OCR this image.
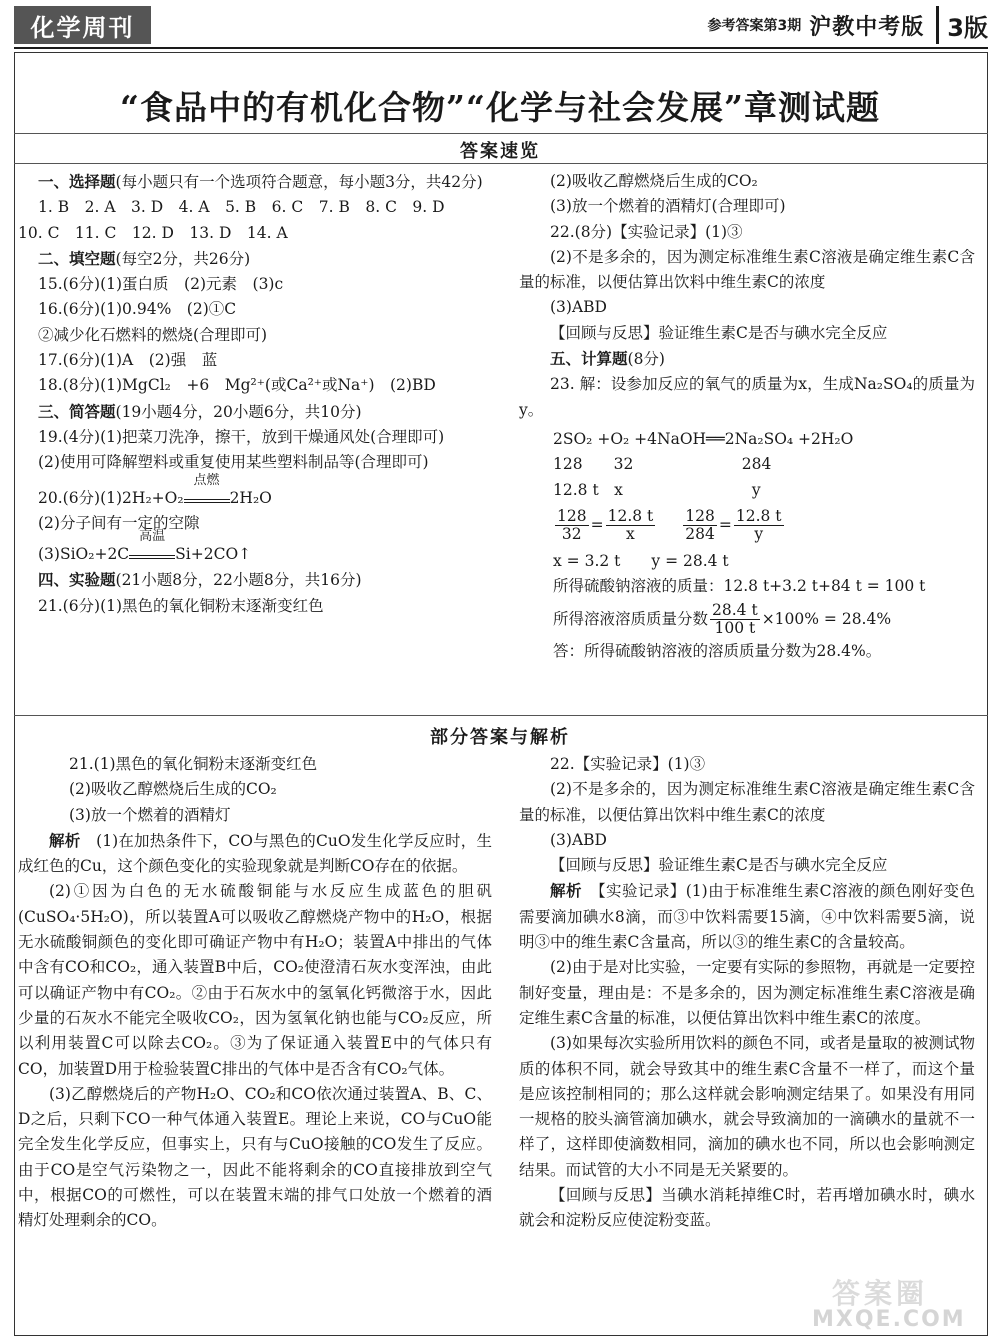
化学周刊	参考答案第3期 沪教中考版 3版
“食品中的有机化合物”“化学与社会发展”章测试题
答案速览

一、选择题(每小题只有一个选项符合题意，每小题3分，共42分)

1. B　2. A　3. D　4. A　5. B　6. C　7. B　8. C　9. D

10. C　11. C　12. D　13. D　14. A

二、填空题(每空2分，共26分)

15.(6分)(1)蛋白质　(2)元素　(3)c

16.(6分)(1)0.94%　(2)①C

②减少化石燃料的燃烧(合理即可)

17.(6分)(1)A　(2)强　蓝

18.(8分)(1)MgCl₂　+6　Mg²⁺(或Ca²⁺或Na⁺)　(2)BD

三、简答题(19小题4分，20小题6分，共10分)

19.(4分)(1)把菜刀洗净，擦干，放到干燥通风处(合理即可)

(2)使用可降解塑料或重复使用某些塑料制品等(合理即可)

20.(6分)(1)2H₂+O₂
点燃
2H₂O

(2)分子间有一定的空隙

(3)SiO₂+2C
高温
Si+2CO↑

四、实验题(21小题8分，22小题8分，共16分)

21.(6分)(1)黑色的氧化铜粉末逐渐变红色

(2)吸收乙醇燃烧后生成的CO₂

(3)放一个燃着的酒精灯(合理即可)

22.(8分)【实验记录】(1)③

(2)不是多余的，因为测定标准维生素C溶液是确定维生素C含量的标准，以便估算出饮料中维生素C的浓度

(3)ABD

【回顾与反思】验证维生素C是否与碘水完全反应

五、计算题(8分)

23. 解：设参加反应的氧气的质量为x，生成Na₂SO₄的质量为y。

2SO₂ +O₂ +4NaOH══2Na₂SO₄ +2H₂O

128　　32　　　　　　　284

12.8 t　x　　　　　　　　 y

$\frac{128}{32} = \frac{12.8 t}{x} \frac{128}{284} = \frac{12.8 t}{y}$

x = 3.2 t　　y = 28.4 t

所得硫酸钠溶液的质量：12.8 t+3.2 t+84 t = 100 t

所得溶液溶质质量分数 $\frac{28.4 t}{100 t} \times 100\% = 28.4\%$

答：所得硫酸钠溶液的溶质质量分数为28.4%。

部分答案与解析

21.(1)黑色的氧化铜粉末逐渐变红色

(2)吸收乙醇燃烧后生成的CO₂

(3)放一个燃着的酒精灯

解析　 (1)在加热条件下，CO与黑色的CuO发生化学反应时，生成红色的Cu，这个颜色变化的实验现象就是判断CO存在的依据。

(2)①因为白色的无水硫酸铜能与水反应生成蓝色的胆矾(CuSO₄·5H₂O)，所以装置A可以吸收乙醇燃烧产物中的H₂O，根据无水硫酸铜颜色的变化即可确证产物中有H₂O；装置A中排出的气体中含有CO和CO₂，通入装置B中后，CO₂使澄清石灰水变浑浊，由此可以确证产物中有CO₂。②由于石灰水中的氢氧化钙微溶于水，因此少量的石灰水不能完全吸收CO₂，因为氢氧化钠也能与CO₂反应，所以利用装置C可以除去CO₂。③为了保证通入装置E中的气体只有CO，加装置D用于检验装置C排出的气体中是否含有CO₂气体。

(3)乙醇燃烧后的产物H₂O、CO₂和CO依次通过装置A、B、C、D之后，只剩下CO一种气体通入装置E。理论上来说，CO与CuO能完全发生化学反应，但事实上，只有与CuO接触的CO发生了反应。由于CO是空气污染物之一，因此不能将剩余的CO直接排放到空气中，根据CO的可燃性，可以在装置末端的排气口处放一个燃着的酒精灯处理剩余的CO。

22.【实验记录】(1)③

(2)不是多余的，因为测定标准维生素C溶液是确定维生素C含量的标准，以便估算出饮料中维生素C的浓度

(3)ABD

【回顾与反思】验证维生素C是否与碘水完全反应

解析　 【实验记录】(1)由于标准维生素C溶液的颜色刚好变色需要滴加碘水8滴，而③中饮料需要15滴，④中饮料需要5滴，说明③中的维生素C含量高，所以③的维生素C的含量较高。

(2)由于是对比实验，一定要有实际的参照物，再就是一定要控制好变量，理由是：不是多余的，因为测定标准维生素C溶液是确定维生素C含量的标准，以便估算出饮料中维生素C的浓度。

(3)如果每次实验所用饮料的颜色不同，或者是量取的被测试物质的体积不同，就会导致其中的维生素C含量不一样了，而这个量是应该控制相同的；那么这样就会影响测定结果了。如果没有用同一规格的胶头滴管滴加碘水，就会导致滴加的一滴碘水的量就不一样了，这样即使滴数相同，滴加的碘水也不同，所以也会影响测定结果。而试管的大小不同是无关紧要的。

【回顾与反思】当碘水消耗掉维C时，若再增加碘水时，碘水就会和淀粉反应使淀粉变蓝。

答案圈
MXQE.COM
